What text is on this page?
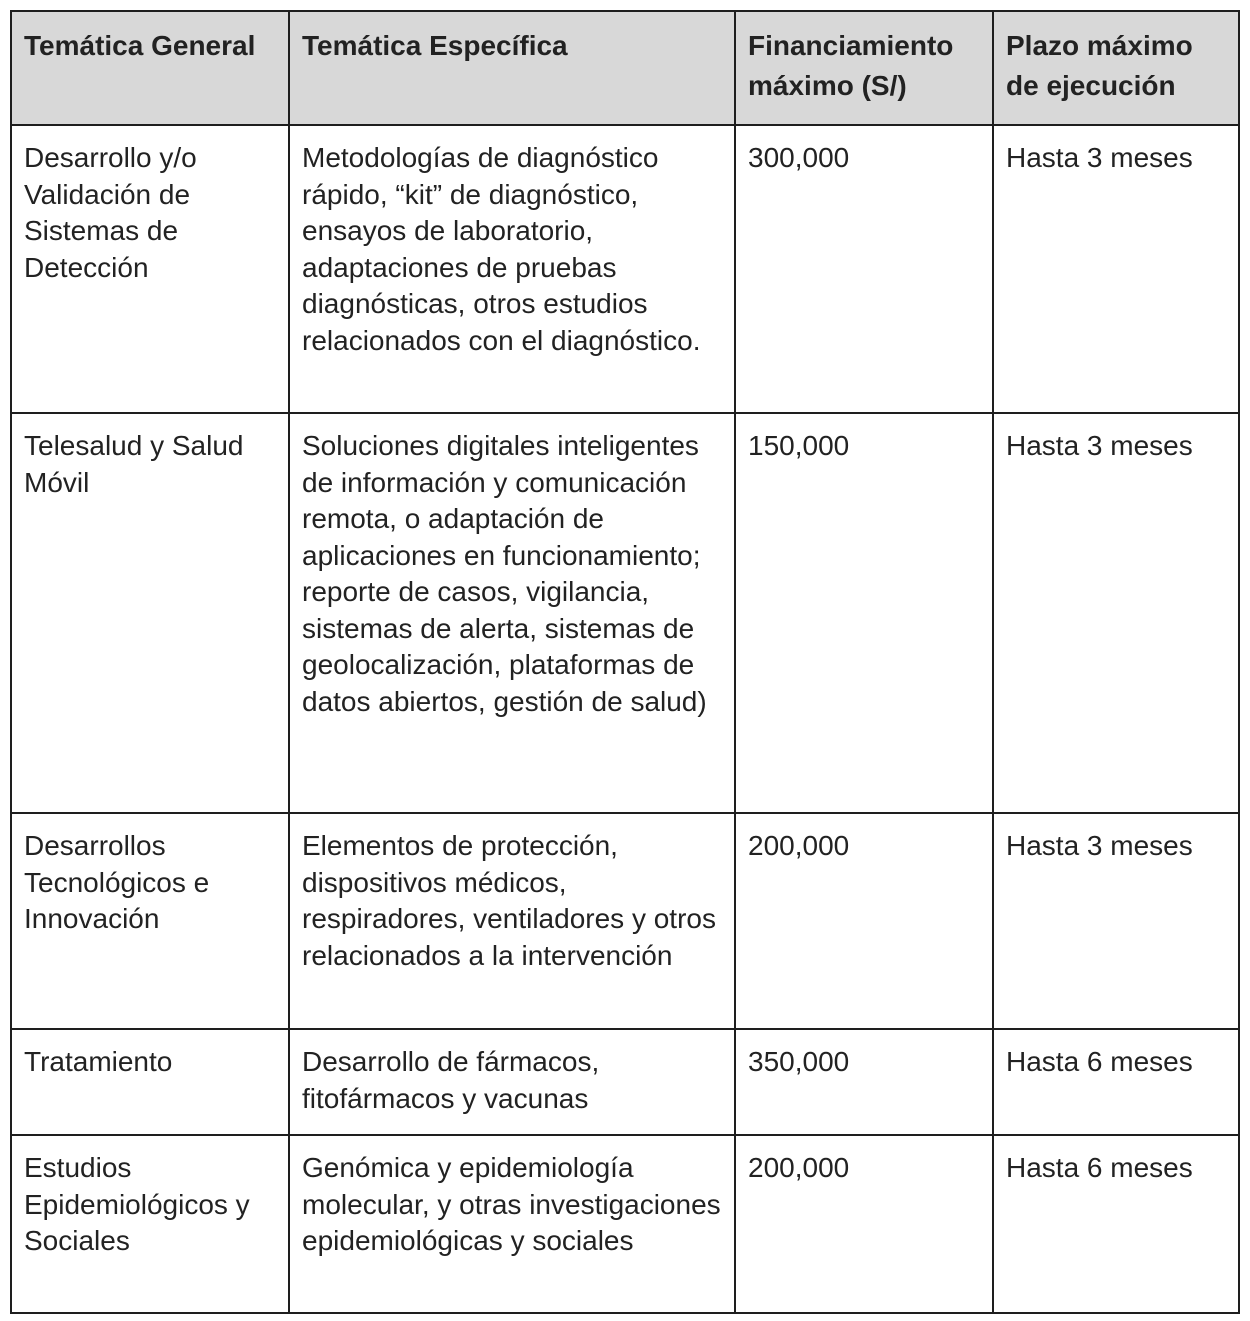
Temática General	Temática Específica	Financiamiento máximo (S/)	Plazo máximo de ejecución
Desarrollo y/o Validación de Sistemas de Detección	Metodologías de diagnóstico rápido, “kit” de diagnóstico, ensayos de laboratorio, adaptaciones de pruebas diagnósticas, otros estudios relacionados con el diagnóstico.	300,000	Hasta 3 meses
Telesalud y Salud Móvil	Soluciones digitales inteligentes de información y comunicación remota, o adaptación de aplicaciones en funcionamiento; reporte de casos, vigilancia, sistemas de alerta, sistemas de geolocalización, plataformas de datos abiertos, gestión de salud)	150,000	Hasta 3 meses
Desarrollos Tecnológicos e Innovación	Elementos de protección, dispositivos médicos, respiradores, ventiladores y otros relacionados a la intervención	200,000	Hasta 3 meses
Tratamiento	Desarrollo de fármacos, fitofármacos y vacunas	350,000	Hasta 6 meses
Estudios Epidemiológicos y Sociales	Genómica y epidemiología molecular, y otras investigaciones epidemiológicas y sociales	200,000	Hasta 6 meses
